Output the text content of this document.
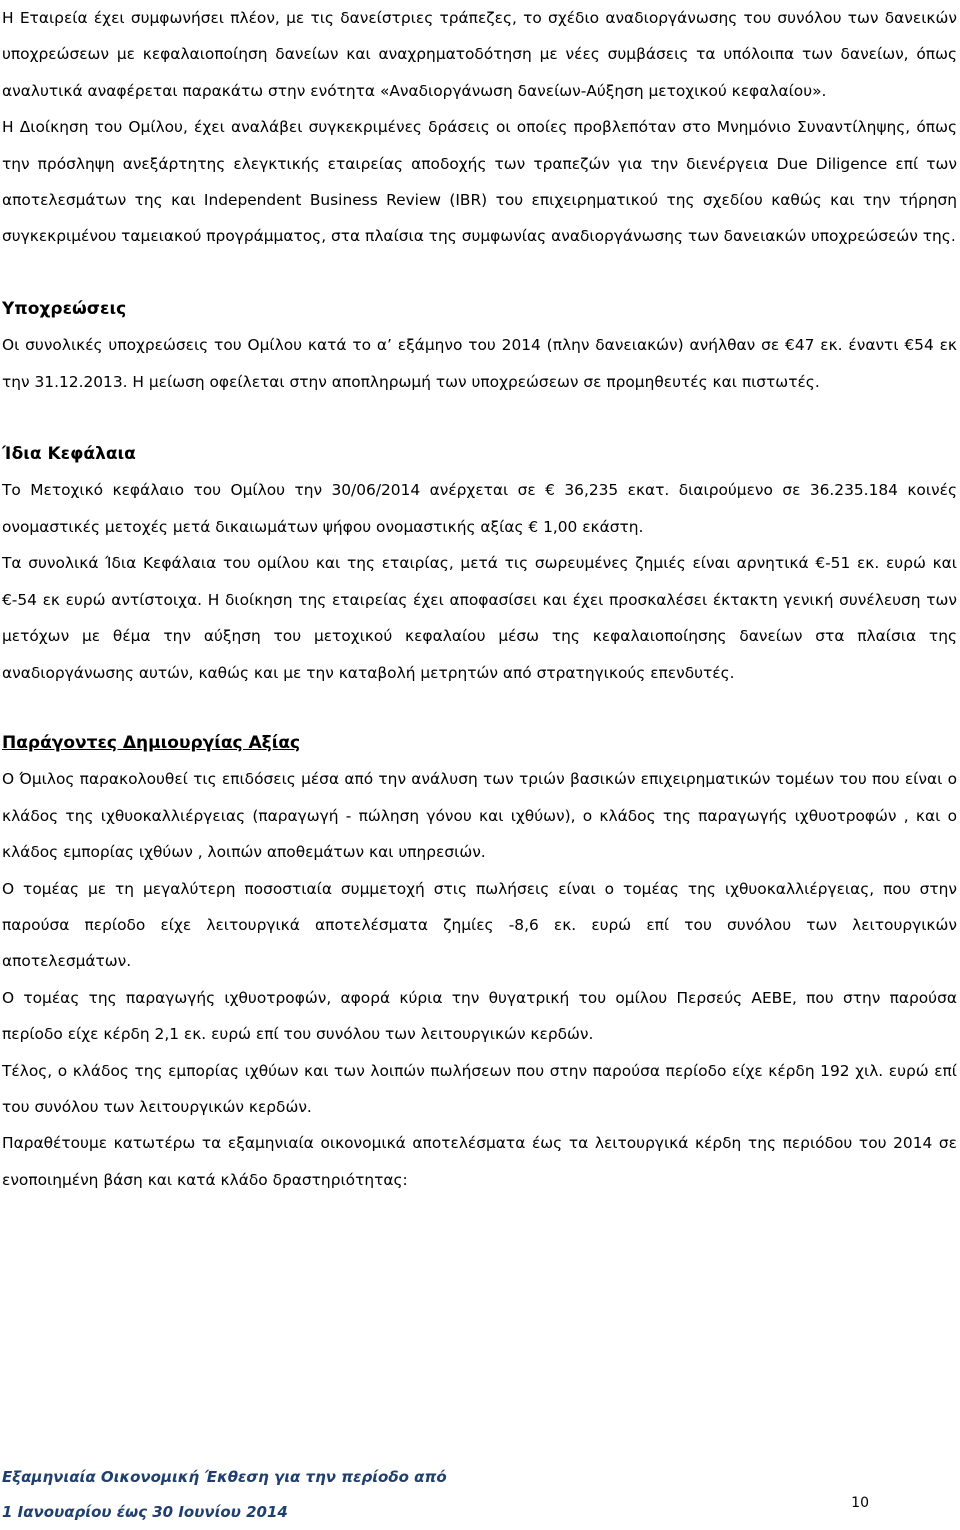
Η Εταιρεία έχει συμφωνήσει πλέον, με τις δανείστριες τράπεζες, το σχέδιο αναδιοργάνωσης του συνόλου των δανεικών υποχρεώσεων με κεφαλαιοποίηση δανείων και αναχρηματοδότηση με νέες συμβάσεις τα υπόλοιπα των δανείων, όπως αναλυτικά αναφέρεται παρακάτω στην ενότητα «Αναδιοργάνωση δανείων-Αύξηση μετοχικού κεφαλαίου».

Η Διοίκηση του Ομίλου, έχει αναλάβει συγκεκριμένες δράσεις οι οποίες προβλεπόταν στο Μνημόνιο Συναντίληψης, όπως την πρόσληψη ανεξάρτητης ελεγκτικής εταιρείας αποδοχής των τραπεζών για την διενέργεια Due Diligence επί των αποτελεσμάτων της και Independent Business Review (IBR) του επιχειρηματικού της σχεδίου καθώς και την τήρηση συγκεκριμένου ταμειακού προγράμματος, στα πλαίσια της συμφωνίας αναδιοργάνωσης των δανειακών υποχρεώσεών της.

Υποχρεώσεις

Οι συνολικές υποχρεώσεις του Ομίλου κατά το α’ εξάμηνο του 2014 (πλην δανειακών) ανήλθαν σε €47 εκ. έναντι €54 εκ την 31.12.2013. Η μείωση οφείλεται στην αποπληρωμή των υποχρεώσεων σε προμηθευτές και πιστωτές.

Ίδια Κεφάλαια

Το Μετοχικό κεφάλαιο του Ομίλου την 30/06/2014 ανέρχεται σε € 36,235 εκατ. διαιρούμενο σε 36.235.184 κοινές ονομαστικές μετοχές μετά δικαιωμάτων ψήφου ονομαστικής αξίας € 1,00 εκάστη.

Τα συνολικά Ίδια Κεφάλαια του ομίλου και της εταιρίας, μετά τις σωρευμένες ζημιές είναι αρνητικά €-51 εκ. ευρώ και €-54 εκ ευρώ αντίστοιχα. Η διοίκηση της εταιρείας έχει αποφασίσει και έχει προσκαλέσει έκτακτη γενική συνέλευση των μετόχων με θέμα την αύξηση του μετοχικού κεφαλαίου μέσω της κεφαλαιοποίησης δανείων στα πλαίσια της αναδιοργάνωσης αυτών, καθώς και με την καταβολή μετρητών από στρατηγικούς επενδυτές.

Παράγοντες Δημιουργίας Αξίας

Ο Όμιλος παρακολουθεί τις επιδόσεις μέσα από την ανάλυση των τριών βασικών επιχειρηματικών τομέων του που είναι ο κλάδος της ιχθυοκαλλιέργειας (παραγωγή - πώληση γόνου και ιχθύων), ο κλάδος της παραγωγής ιχθυοτροφών , και ο κλάδος εμπορίας ιχθύων , λοιπών αποθεμάτων και υπηρεσιών.

Ο τομέας με τη μεγαλύτερη ποσοστιαία συμμετοχή στις πωλήσεις είναι ο τομέας της ιχθυοκαλλιέργειας, που στην παρούσα περίοδο είχε λειτουργικά αποτελέσματα ζημίες -8,6 εκ. ευρώ επί του συνόλου των λειτουργικών αποτελεσμάτων.

Ο τομέας της παραγωγής ιχθυοτροφών, αφορά κύρια την θυγατρική του ομίλου Περσεύς ΑΕΒΕ, που στην παρούσα περίοδο είχε κέρδη 2,1 εκ. ευρώ επί του συνόλου των λειτουργικών κερδών.

Τέλος, ο κλάδος της εμπορίας ιχθύων και των λοιπών πωλήσεων που στην παρούσα περίοδο είχε κέρδη 192 χιλ. ευρώ επί του συνόλου των λειτουργικών κερδών.

Παραθέτουμε κατωτέρω τα εξαμηνιαία οικονομικά αποτελέσματα έως τα λειτουργικά κέρδη της περιόδου του 2014 σε ενοποιημένη βάση και κατά κλάδο δραστηριότητας:

Εξαμηνιαία Οικονομική Έκθεση για την περίοδο από
1 Ιανουαρίου έως 30 Ιουνίου 2014	10
